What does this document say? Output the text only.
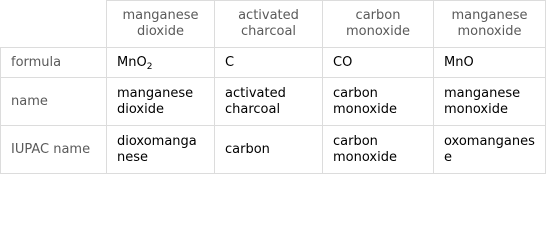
	manganese dioxide	activated charcoal	carbon monoxide	manganese monoxide
formula	MnO$_2$	C	CO	MnO
name	manganese dioxide	activated charcoal	carbon monoxide	manganese monoxide
IUPAC name	dioxomanganese	carbon	carbon monoxide	oxomanganese
